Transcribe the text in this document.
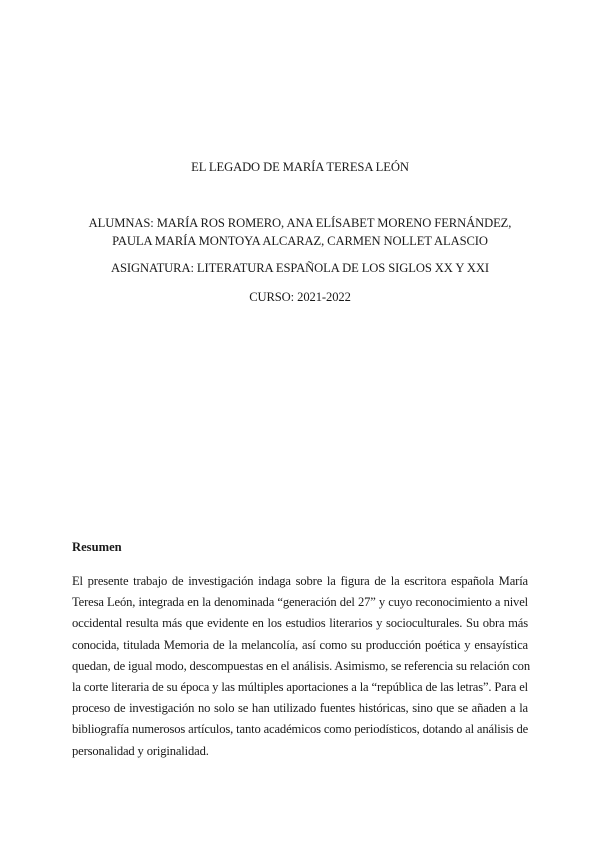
EL LEGADO DE MARÍA TERESA LEÓN
ALUMNAS: MARÍA ROS ROMERO, ANA ELÍSABET MORENO FERNÁNDEZ,
PAULA MARÍA MONTOYA ALCARAZ, CARMEN NOLLET ALASCIO
ASIGNATURA: LITERATURA ESPAÑOLA DE LOS SIGLOS XX Y XXI
CURSO: 2021-2022
Resumen
El presente trabajo de investigación indaga sobre la figura de la escritora española María
Teresa León, integrada en la denominada “generación del 27” y cuyo reconocimiento a nivel
occidental resulta más que evidente en los estudios literarios y socioculturales. Su obra más
conocida, titulada Memoria de la melancolía, así como su producción poética y ensayística
quedan, de igual modo, descompuestas en el análisis. Asimismo, se referencia su relación con
la corte literaria de su época y las múltiples aportaciones a la “república de las letras”. Para el
proceso de investigación no solo se han utilizado fuentes históricas, sino que se añaden a la
bibliografía numerosos artículos, tanto académicos como periodísticos, dotando al análisis de
personalidad y originalidad.
